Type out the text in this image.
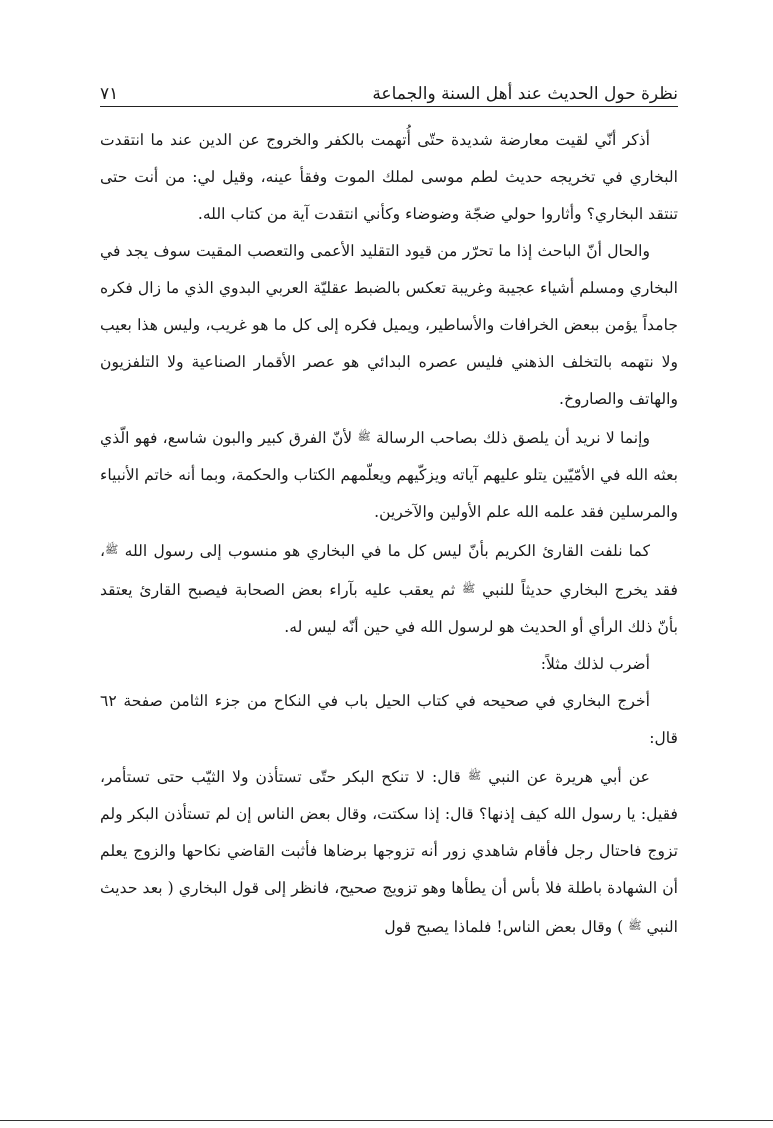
نظرة حول الحديث عند أهل السنة والجماعة
٧١

أذكر أنّي لقيت معارضة شديدة حتّى أُتهمت بالكفر والخروج عن الدين عند ما انتقدت البخاري في تخريجه حديث لطم موسى لملك الموت وفقأ عينه، وقيل لي: من أنت حتى تنتقد البخاري؟ وأثاروا حولي ضجّة وضوضاء وكأني انتقدت آية من كتاب الله.

والحال أنّ الباحث إذا ما تحرّر من قيود التقليد الأعمى والتعصب المقيت سوف يجد في البخاري ومسلم أشياء عجيبة وغريبة تعكس بالضبط عقليّة العربي البدوي الذي ما زال فكره جامداً يؤمن ببعض الخرافات والأساطير، ويميل فكره إلى كل ما هو غريب، وليس هذا بعيب ولا نتهمه بالتخلف الذهني فليس عصره البدائي هو عصر الأقمار الصناعية ولا التلفزيون والهاتف والصاروخ.

وإنما لا نريد أن يلصق ذلك بصاحب الرسالة ﷺ لأنّ الفرق كبير والبون شاسع، فهو الّذي بعثه الله في الأمّيّين يتلو عليهم آياته ويزكّيهم ويعلّمهم الكتاب والحكمة، وبما أنه خاتم الأنبياء والمرسلين فقد علمه الله علم الأولين والآخرين.

كما نلفت القارئ الكريم بأنّ ليس كل ما في البخاري هو منسوب إلى رسول الله ﷺ، فقد يخرج البخاري حديثاً للنبي ﷺ ثم يعقب عليه بآراء بعض الصحابة فيصبح القارئ يعتقد بأنّ ذلك الرأي أو الحديث هو لرسول الله في حين أنّه ليس له.

أضرب لذلك مثلاً:

أخرج البخاري في صحيحه في كتاب الحيل باب في النكاح من جزء الثامن صفحة ٦٢ قال:

عن أبي هريرة عن النبي ﷺ قال: لا تنكح البكر حتّى تستأذن ولا الثيّب حتى تستأمر، فقيل: يا رسول الله كيف إذنها؟ قال: إذا سكتت، وقال بعض الناس إن لم تستأذن البكر ولم تزوج فاحتال رجل فأقام شاهدي زور أنه تزوجها برضاها فأثبت القاضي نكاحها والزوج يعلم أن الشهادة باطلة فلا بأس أن يطأها وهو تزويج صحيح، فانظر إلى قول البخاري ( بعد حديث النبي ﷺ ) وقال بعض الناس! فلماذا يصبح قول
